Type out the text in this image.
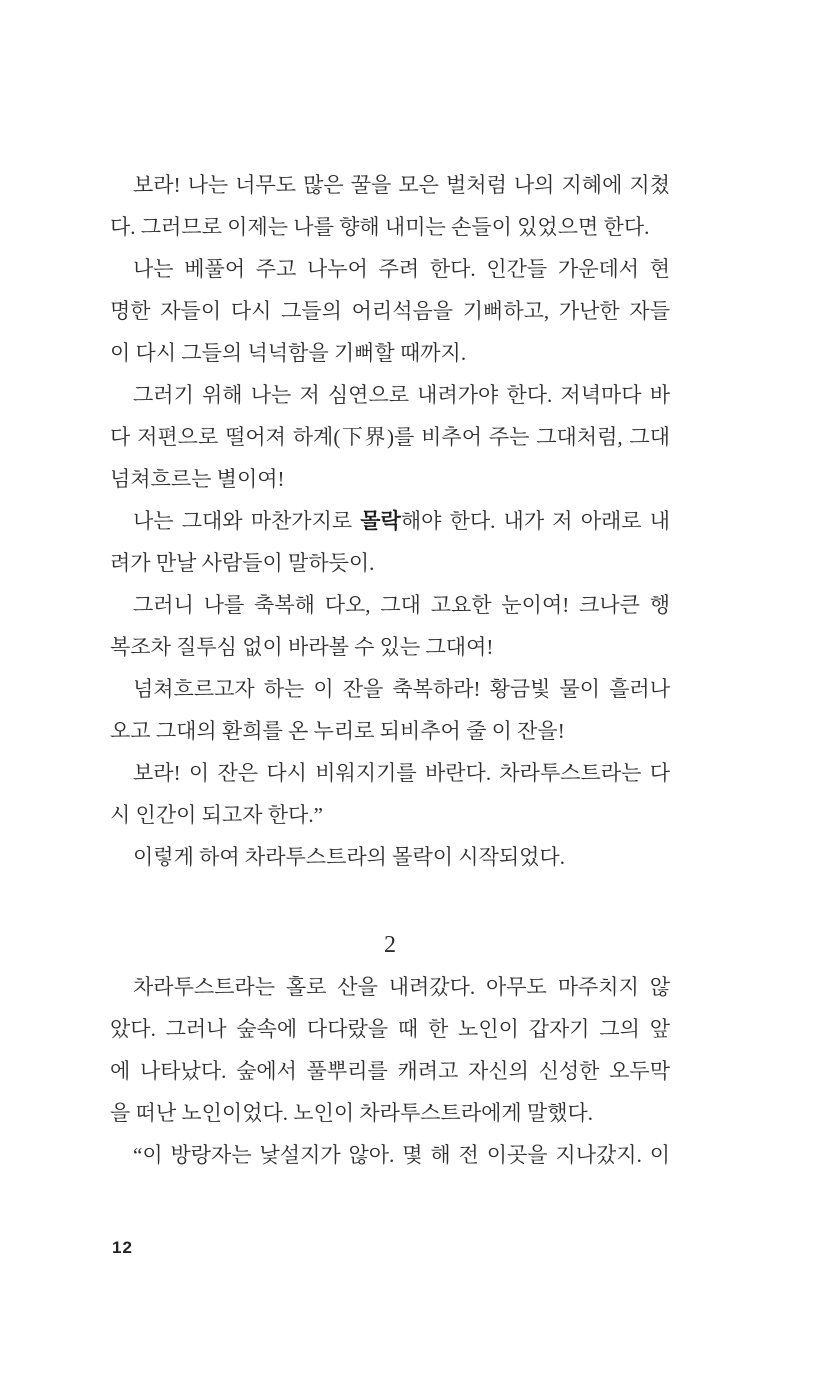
보라! 나는 너무도 많은 꿀을 모은 벌처럼 나의 지혜에 지쳤
다. 그러므로 이제는 나를 향해 내미는 손들이 있었으면 한다.
나는 베풀어 주고 나누어 주려 한다. 인간들 가운데서 현
명한 자들이 다시 그들의 어리석음을 기뻐하고, 가난한 자들
이 다시 그들의 넉넉함을 기뻐할 때까지.
그러기 위해 나는 저 심연으로 내려가야 한다. 저녁마다 바
다 저편으로 떨어져 하계(下界)를 비추어 주는 그대처럼, 그대
넘쳐흐르는 별이여!
나는 그대와 마찬가지로 몰락해야 한다. 내가 저 아래로 내
려가 만날 사람들이 말하듯이.
그러니 나를 축복해 다오, 그대 고요한 눈이여! 크나큰 행
복조차 질투심 없이 바라볼 수 있는 그대여!
넘쳐흐르고자 하는 이 잔을 축복하라! 황금빛 물이 흘러나
오고 그대의 환희를 온 누리로 되비추어 줄 이 잔을!
보라! 이 잔은 다시 비워지기를 바란다. 차라투스트라는 다
시 인간이 되고자 한다.”
이렇게 하여 차라투스트라의 몰락이 시작되었다.
2
차라투스트라는 홀로 산을 내려갔다. 아무도 마주치지 않
았다. 그러나 숲속에 다다랐을 때 한 노인이 갑자기 그의 앞
에 나타났다. 숲에서 풀뿌리를 캐려고 자신의 신성한 오두막
을 떠난 노인이었다. 노인이 차라투스트라에게 말했다.
“이 방랑자는 낯설지가 않아. 몇 해 전 이곳을 지나갔지. 이
12
